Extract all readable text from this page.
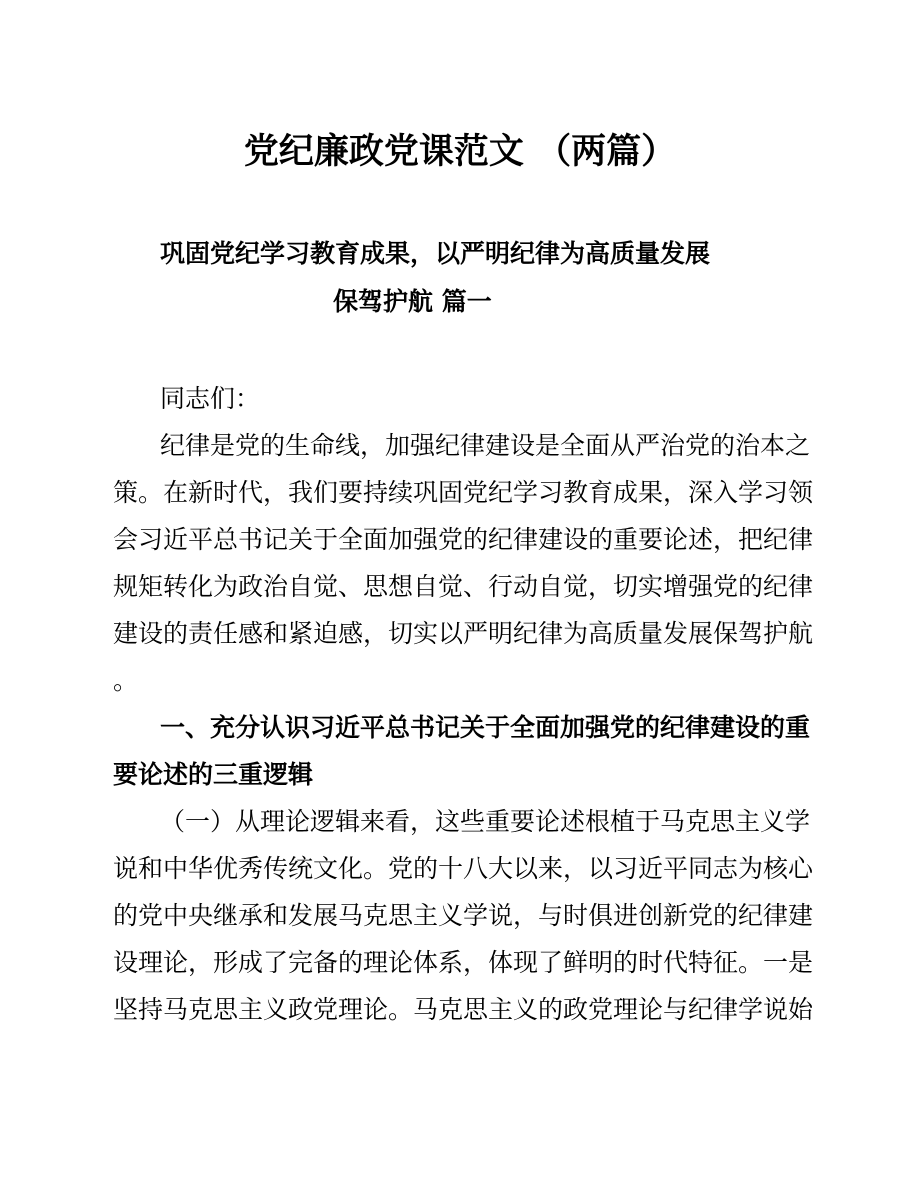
党纪廉政党课范文 （两篇）
巩固党纪学习教育成果，以严明纪律为高质量发展
保驾护航 篇一
同志们：
纪律是党的生命线，加强纪律建设是全面从严治党的治本之
策。在新时代，我们要持续巩固党纪学习教育成果，深入学习领
会习近平总书记关于全面加强党的纪律建设的重要论述，把纪律
规矩转化为政治自觉、思想自觉、行动自觉，切实增强党的纪律
建设的责任感和紧迫感，切实以严明纪律为高质量发展保驾护航
。
一、充分认识习近平总书记关于全面加强党的纪律建设的重
要论述的三重逻辑
（一）从理论逻辑来看，这些重要论述根植于马克思主义学
说和中华优秀传统文化。党的十八大以来，以习近平同志为核心
的党中央继承和发展马克思主义学说，与时俱进创新党的纪律建
设理论，形成了完备的理论体系，体现了鲜明的时代特征。一是
坚持马克思主义政党理论。马克思主义的政党理论与纪律学说始
